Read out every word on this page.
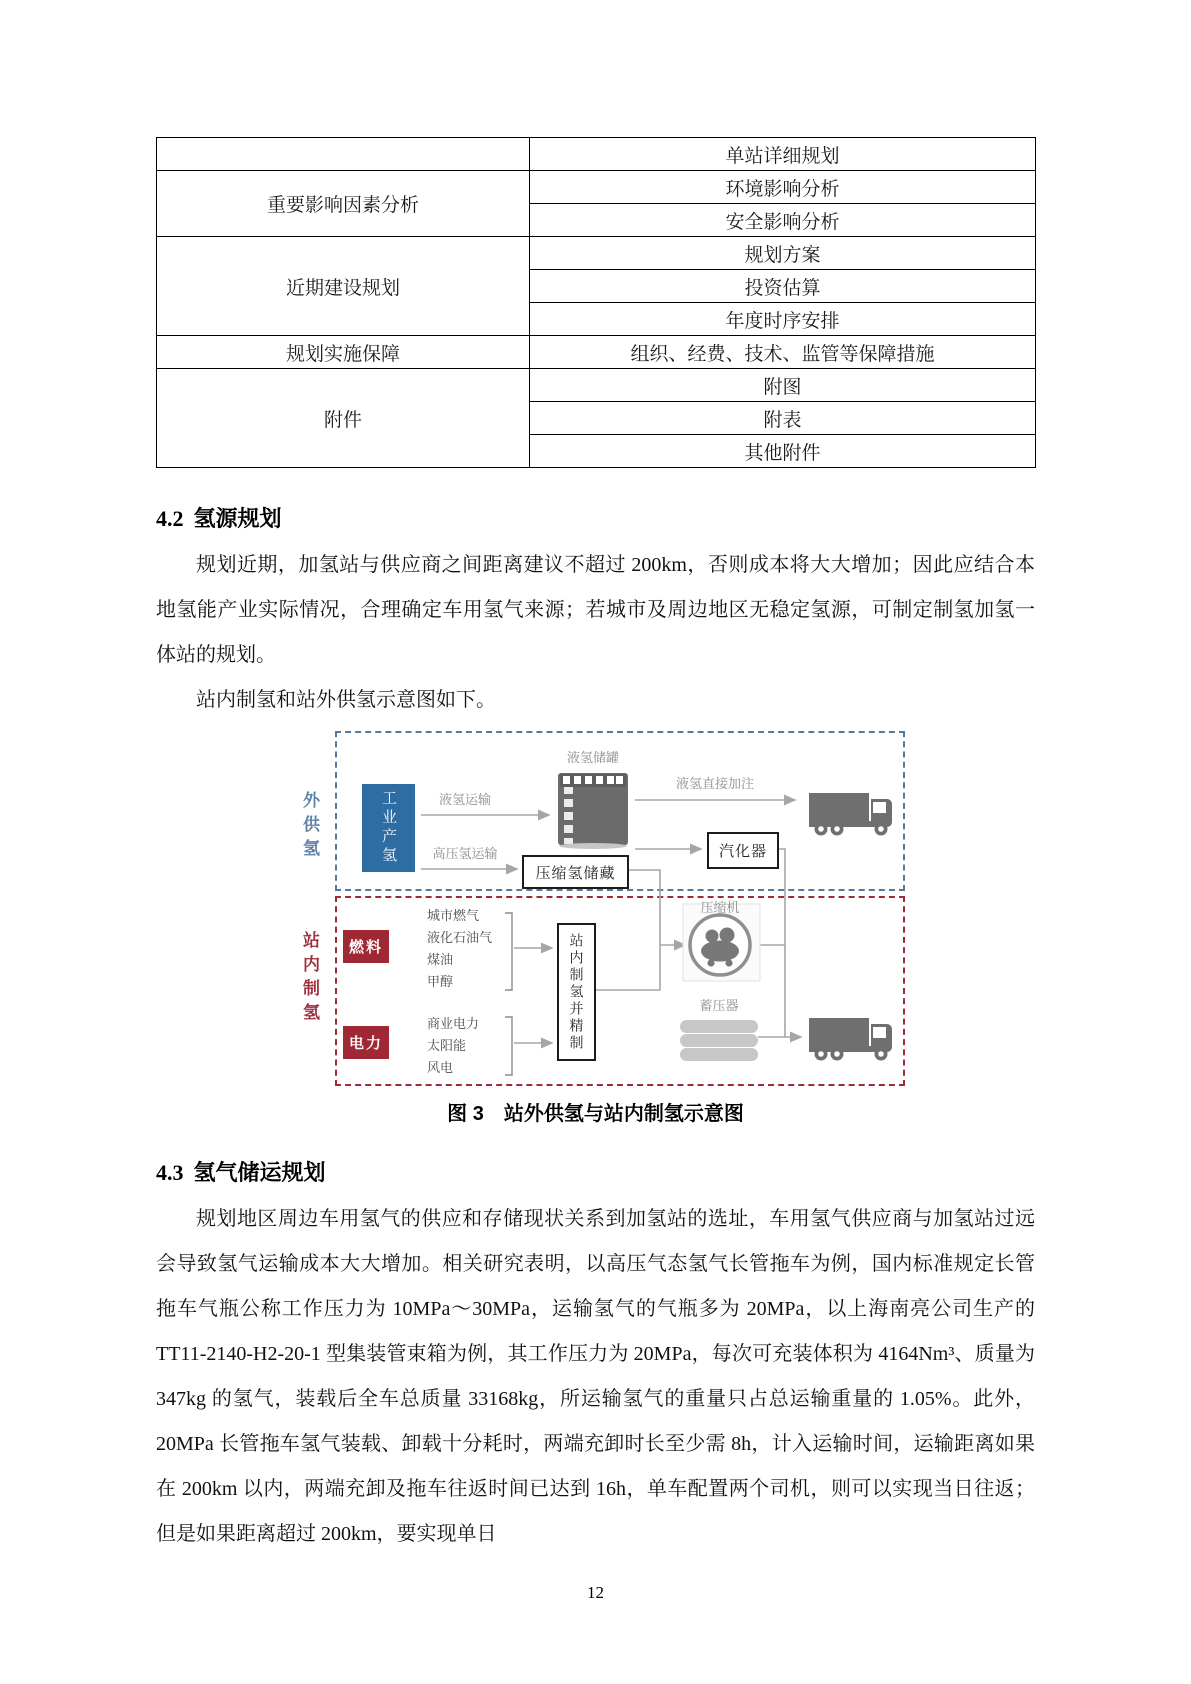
	单站详细规划
重要影响因素分析	环境影响分析
	安全影响分析
近期建设规划	规划方案
	投资估算
	年度时序安排
规划实施保障	组织、经费、技术、监管等保障措施
附件	附图
	附表
	其他附件
4.2 氢源规划

规划近期，加氢站与供应商之间距离建议不超过 200km，否则成本将大大增加；因此应结合本地氢能产业实际情况，合理确定车用氢气来源；若城市及周边地区无稳定氢源，可制定制氢加氢一体站的规划。

站内制氢和站外供氢示意图如下。

外供氢
站内制氢
工业产氢	汽化器
压缩氢储藏
站内制氢并精制
燃料
电力
液氢运输
液氢储罐
液氢直接加注
高压氢运输
压缩机
蓄压器
城市燃气
液化石油气
煤油
甲醇
商业电力
太阳能
风电
图 3　站外供氢与站内制氢示意图
4.3 氢气储运规划

规划地区周边车用氢气的供应和存储现状关系到加氢站的选址，车用氢气供应商与加氢站过远会导致氢气运输成本大大增加。相关研究表明，以高压气态氢气长管拖车为例，国内标准规定长管拖车气瓶公称工作压力为 10MPa～30MPa，运输氢气的气瓶多为 20MPa，以上海南亮公司生产的 TT11-2140-H2-20-1 型集装管束箱为例，其工作压力为 20MPa，每次可充装体积为 4164Nm³、质量为 347kg 的氢气，装载后全车总质量 33168kg，所运输氢气的重量只占总运输重量的 1.05%。此外，20MPa 长管拖车氢气装载、卸载十分耗时，两端充卸时长至少需 8h，计入运输时间，运输距离如果在 200km 以内，两端充卸及拖车往返时间已达到 16h，单车配置两个司机，则可以实现当日往返；但是如果距离超过 200km，要实现单日

12
